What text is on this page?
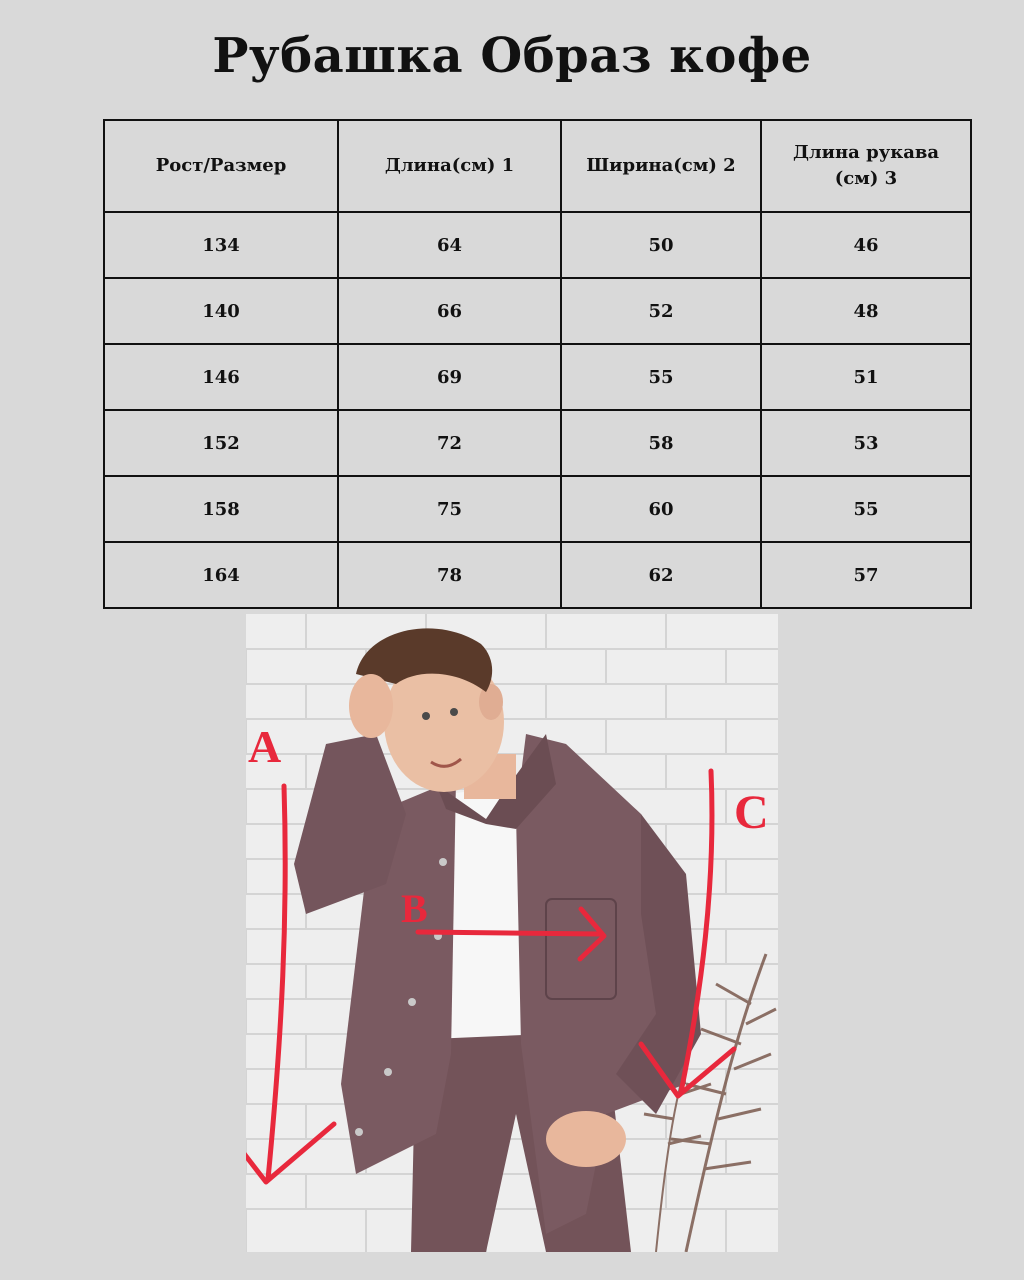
Рубашка Образ кофе
Рост/Размер	Длина(см) 1	Ширина(см) 2	Длина рукава (см) 3
134	64	50	46
140	66	52	48
146	69	55	51
152	72	58	53
158	75	60	55
164	78	62	57
A
B
C
